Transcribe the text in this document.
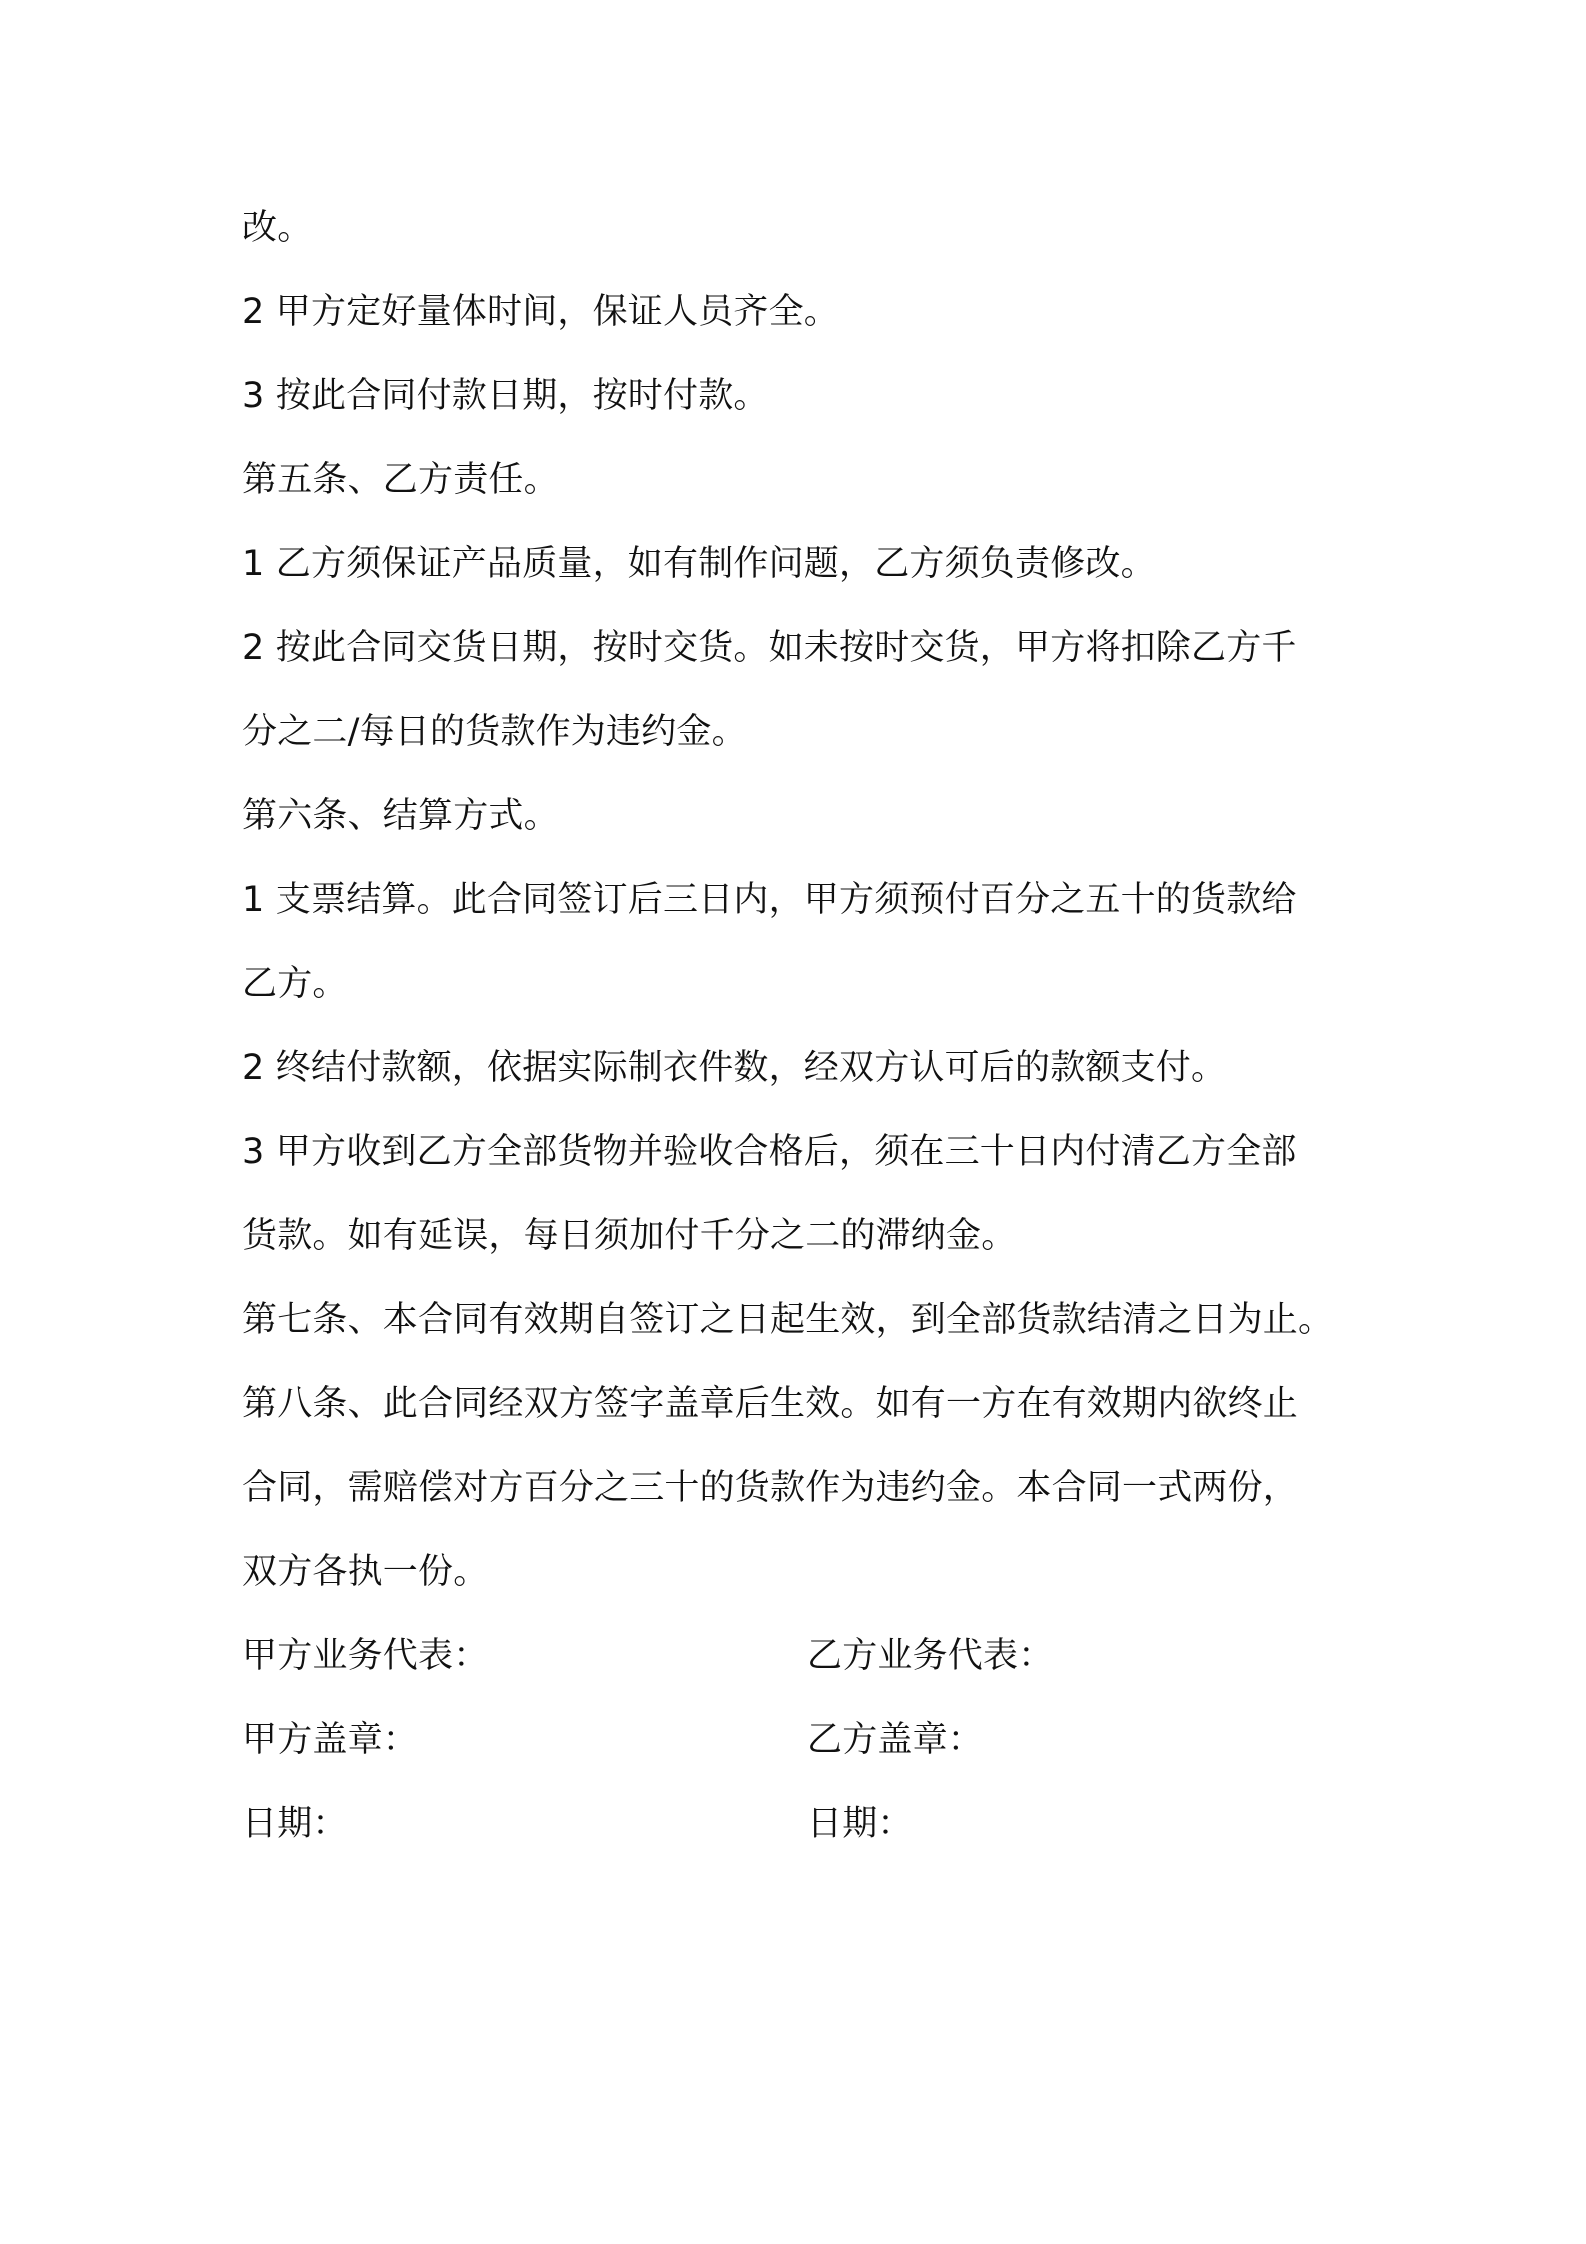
改。
2 甲方定好量体时间，保证人员齐全。
3 按此合同付款日期，按时付款。
第五条、乙方责任。
1 乙方须保证产品质量，如有制作问题，乙方须负责修改。
2 按此合同交货日期，按时交货。如未按时交货，甲方将扣除乙方千
分之二/每日的货款作为违约金。
第六条、结算方式。
1 支票结算。此合同签订后三日内，甲方须预付百分之五十的货款给
乙方。
2 终结付款额，依据实际制衣件数，经双方认可后的款额支付。
3 甲方收到乙方全部货物并验收合格后，须在三十日内付清乙方全部
货款。如有延误，每日须加付千分之二的滞纳金。
第七条、本合同有效期自签订之日起生效，到全部货款结清之日为止。
第八条、此合同经双方签字盖章后生效。如有一方在有效期内欲终止
合同，需赔偿对方百分之三十的货款作为违约金。本合同一式两份，
双方各执一份。
甲方业务代表：	乙方业务代表：
甲方盖章：	乙方盖章：
日期：	日期：
